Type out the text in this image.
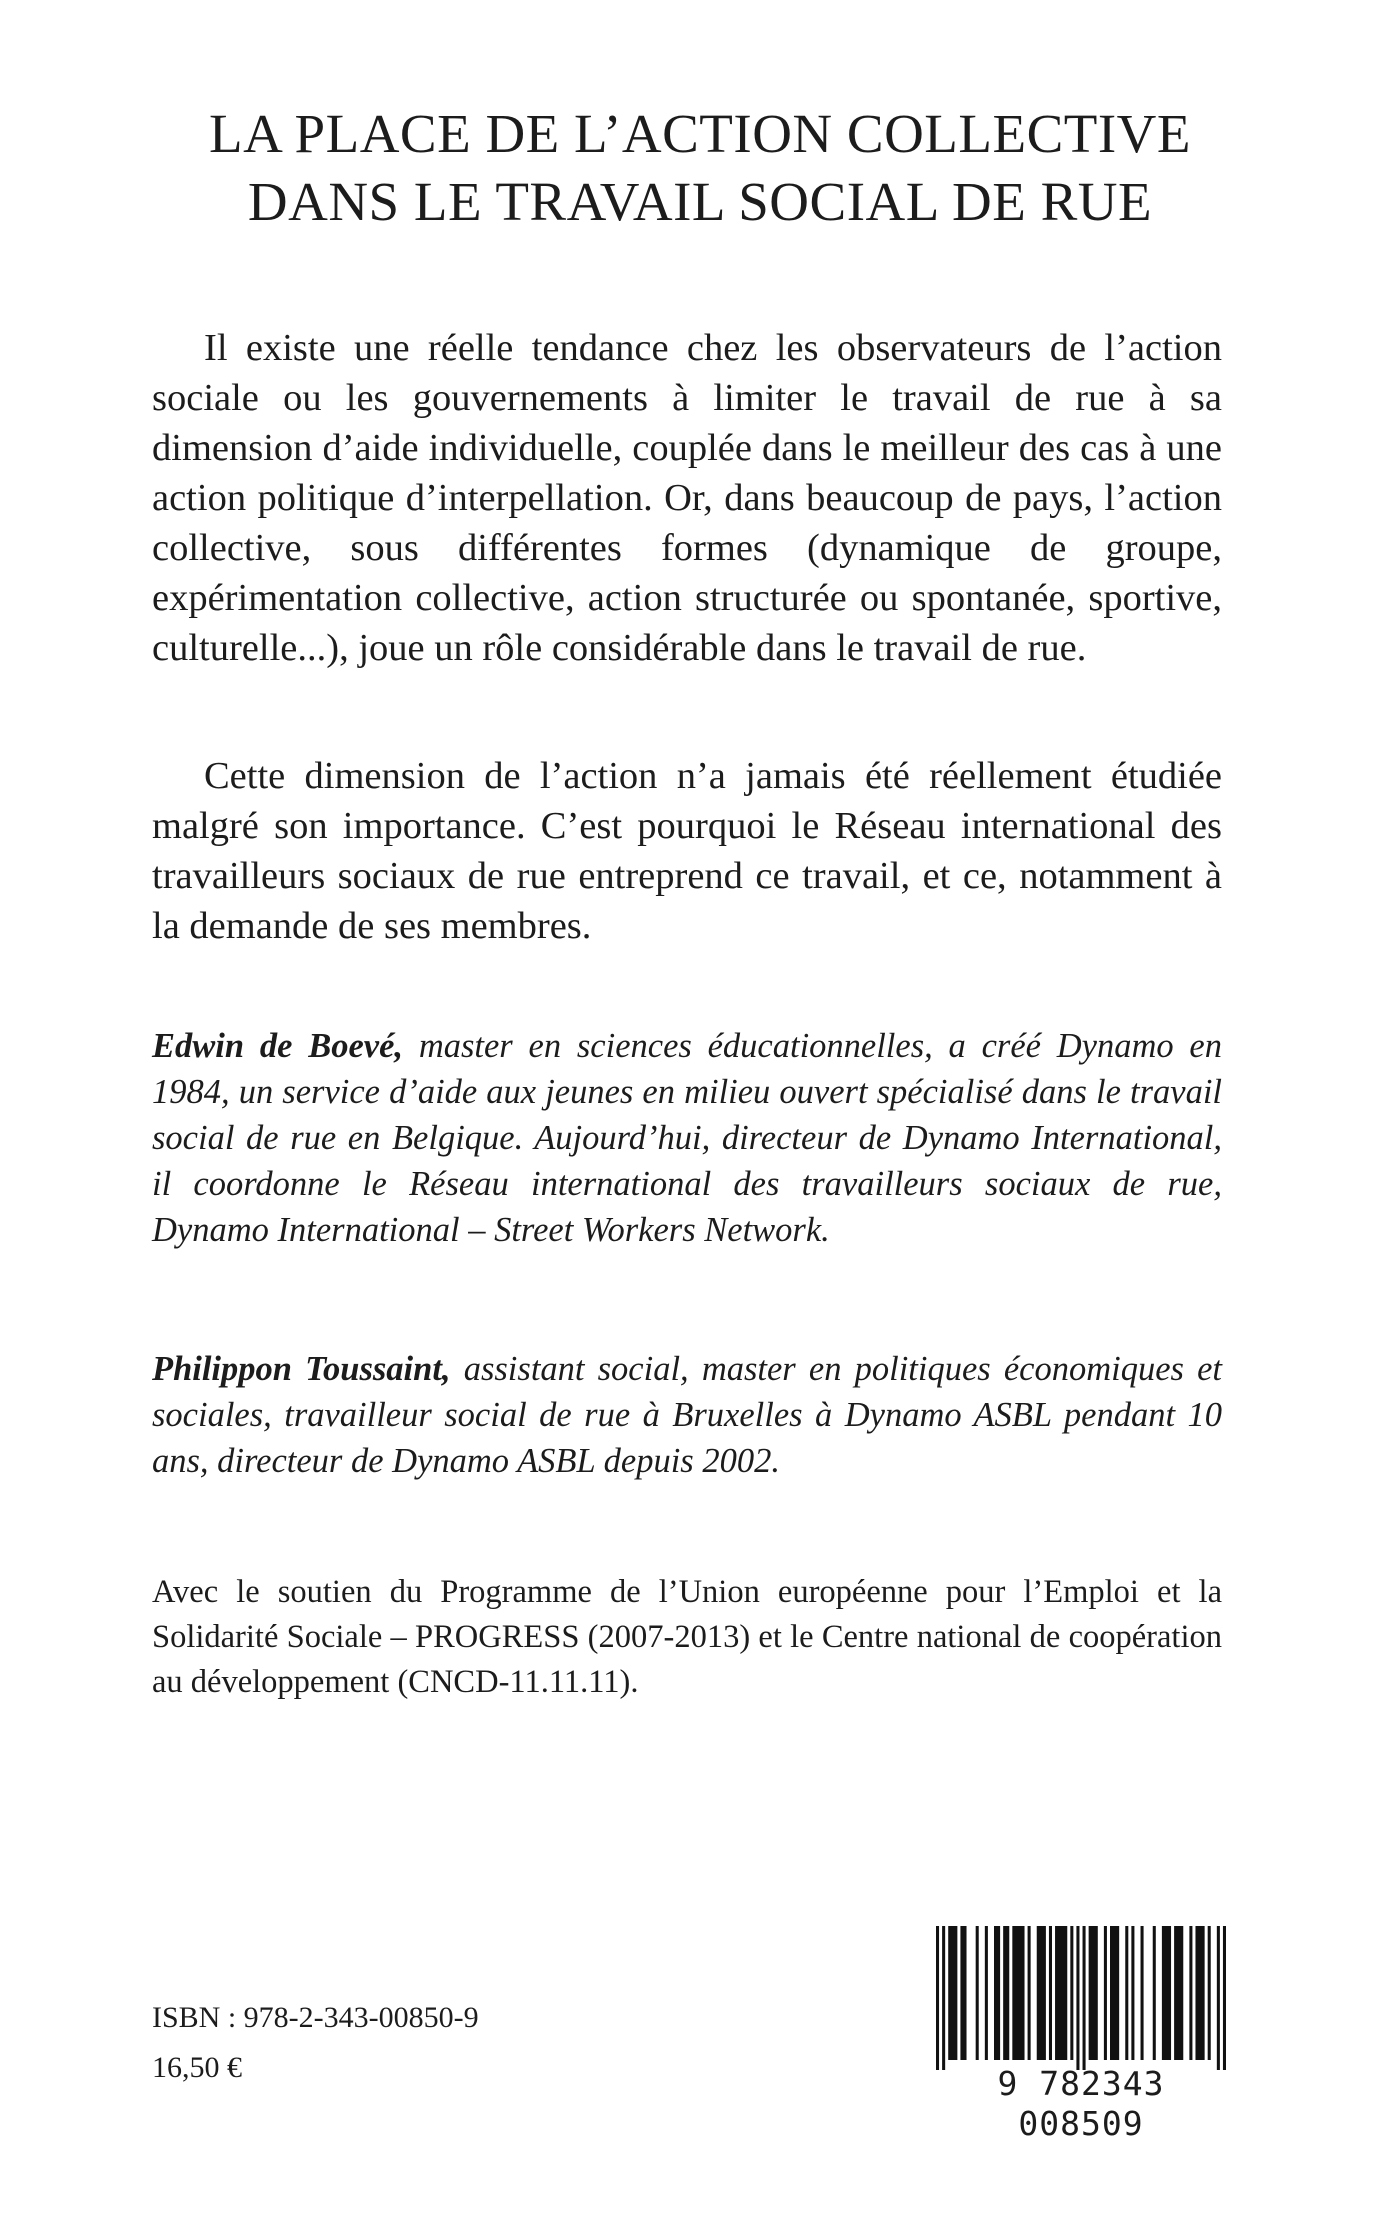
LA PLACE DE L’ACTION COLLECTIVE
DANS LE TRAVAIL SOCIAL DE RUE

Il existe une réelle tendance chez les observateurs de l’action sociale ou les gouvernements à limiter le travail de rue à sa dimension d’aide individuelle, couplée dans le meilleur des cas à une action politique d’interpellation. Or, dans beaucoup de pays, l’action collective, sous différentes formes (dynamique de groupe, expérimentation collective, action structurée ou spontanée, sportive, culturelle...), joue un rôle considérable dans le travail de rue.

Cette dimension de l’action n’a jamais été réellement étudiée malgré son importance. C’est pourquoi le Réseau international des travailleurs sociaux de rue entreprend ce travail, et ce, notamment à la demande de ses membres.

Edwin de Boevé, master en sciences éducationnelles, a créé Dynamo en 1984, un service d’aide aux jeunes en milieu ouvert spécialisé dans le travail social de rue en Belgique. Aujourd’hui, directeur de Dynamo International, il coordonne le Réseau international des travailleurs sociaux de rue, Dynamo International – Street Workers Network.

Philippon Toussaint, assistant social, master en politiques économiques et sociales, travailleur social de rue à Bruxelles à Dynamo ASBL pendant 10 ans, directeur de Dynamo ASBL depuis 2002.

Avec le soutien du Programme de l’Union européenne pour l’Emploi et la Solidarité Sociale – PROGRESS (2007-2013) et le Centre national de coopération au développement (CNCD-11.11.11).

ISBN : 978-2-343-00850-9

16,50 €	9 782343 008509
